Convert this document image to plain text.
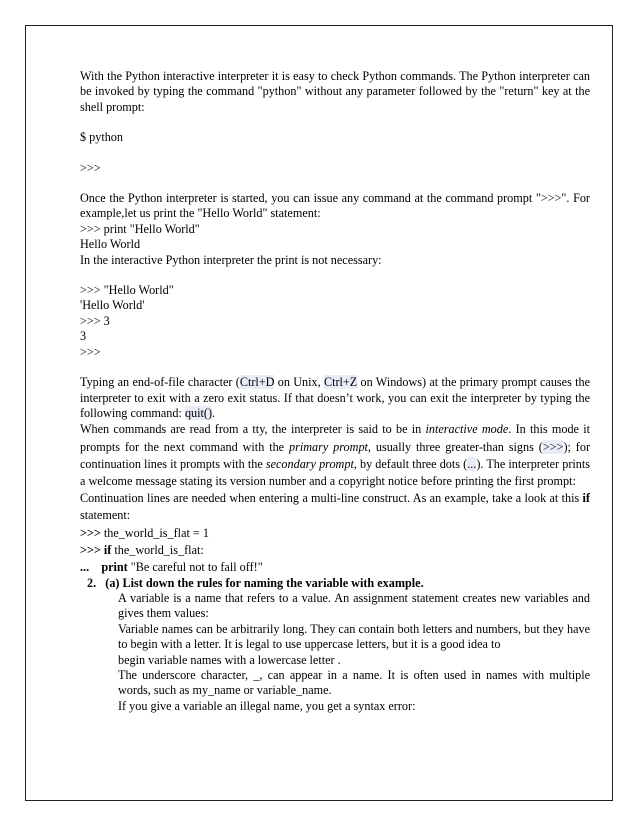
With the Python interactive interpreter it is easy to check Python commands. The Python interpreter can be invoked by typing the command "python" without any parameter followed by the "return" key at the shell prompt:

$ python

>>>

Once the Python interpreter is started, you can issue any command at the command prompt ">>>". For example,let us print the "Hello World" statement:

>>> print "Hello World"

Hello World

In the interactive Python interpreter the print is not necessary:

>>> "Hello World"

'Hello World'

>>> 3

3

>>>

Typing an end-of-file character (Ctrl+D on Unix, Ctrl+Z on Windows) at the primary prompt causes the interpreter to exit with a zero exit status. If that doesn’t work, you can exit the interpreter by typing the following command: quit().

When commands are read from a tty, the interpreter is said to be in interactive mode. In this mode it prompts for the next command with the primary prompt, usually three greater-than signs (>>>); for continuation lines it prompts with the secondary prompt, by default three dots (...). The interpreter prints a welcome message stating its version number and a copyright notice before printing the first prompt:

Continuation lines are needed when entering a multi-line construct. As an example, take a look at this if statement:

>>> the_world_is_flat = 1

>>> if the_world_is_flat:

...    print "Be careful not to fall off!"

2.   (a) List down the rules for naming the variable with example.

A variable is a name that refers to a value. An assignment statement creates new variables and gives them values:

Variable names can be arbitrarily long. They can contain both letters and numbers, but they have to begin with a letter. It is legal to use uppercase letters, but it is a good idea to

begin variable names with a lowercase letter .

The underscore character, _, can appear in a name. It is often used in names with multiple words, such as my_name or variable_name.

If you give a variable an illegal name, you get a syntax error:
